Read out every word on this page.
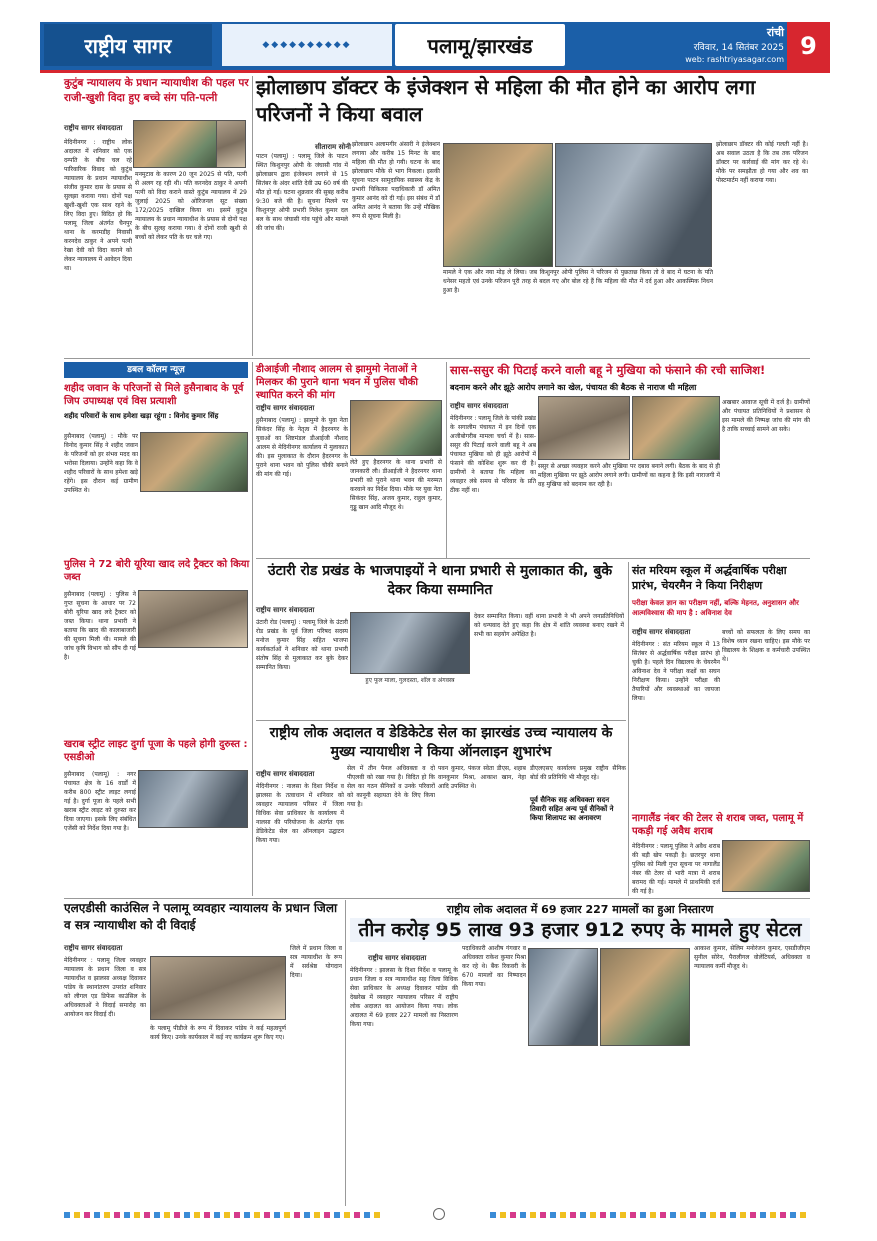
राष्ट्रीय सागर	◆◆◆◆◆◆◆◆◆◆	पलामू/झारखंड
रांची
रविवार, 14 सितंबर 2025
web: rashtriyasagar.com 9
कुटुंब न्यायालय के प्रधान न्यायाधीश की पहल पर राजी-खुशी विदा हुए बच्चे संग पति-पत्नी
राष्ट्रीय सागर संवाददाता
मेदिनीनगर : राष्ट्रीय लोक अदालत में शनिवार को एक दम्पति के बीच चल रहे पारिवारिक विवाद को कुटुंब न्यायालय के प्रधान न्यायाधीश संजीव कुमार दास के प्रयास से सुलझा कराया गया। दोनों पक्ष खुशी-खुशी एक साथ रहने के लिए विदा हुए। विदित हो कि पलामू जिला अंतर्गत चैनपुर थाना के करमडीह निवासी करनदेव ठाकुर ने अपने पत्नी रेखा देवी को विदा कराने को लेकर न्यायालय में आवेदन दिया था।
मनमुटाव के कारण 20 जून 2025 से पति, पत्नी से अलग रह रही थी। पति करनदेव ठाकुर ने अपनी पत्नी को विदा कराने वास्ते कुटुंब न्यायालय में 29 जुलाई 2025 को ओरिजनल सूट संख्या 172/2025 दाखिल किया था। इसमें कुटुंब न्यायालय के प्रधान न्यायाधीश के प्रयास से दोनों पक्ष के बीच सुलह कराया गया। वे दोनों राजी खुशी से बच्चों को लेकर पति के घर चले गए।
झोलाछाप डॉक्टर के इंजेक्शन से महिला की मौत होने का आरोप लगा परिजनों ने किया बवाल
सीताराम सोनी
पाटन (पलामू) : पलामू जिले के पाटन स्थित किशुनपुर ओपी के जंघासी गांव में झोलाछाप द्वारा इंजेक्शन लगाने से 15 सितंबर के अंदर शांति देवी उम्र 60 वर्ष की मौत हो गई। घटना शुक्रवार की सुबह करीब 9:30 बजे की है। सूचना मिलने पर किशुनपुर ओपी प्रभारी निलेश कुमार दल बल के साथ जंघासी गांव पहुंचे और मामले की जांच की।
झोलाछाप अलामगीर अंसारी ने इंजेक्शन लगाया और करीब 15 मिनट के बाद महिला की मौत हो गयी। घटना के बाद झोलाछाप मौके से भाग निकला। इसकी सूचना पाटन सामुदायिक स्वास्थ्य केंद्र के प्रभारी चिकित्सा पदाधिकारी डॉ अमित कुमार आनंद को दी गई। इस संबंध में डॉ अमित आनंद ने बताया कि उन्हें मौखिक रूप से सूचना मिली है।
मामले ने एक और नया मोड़ ले लिया। जब किशुनपुर ओपी पुलिस ने परिजन से पुछताछ किया तो वे बाद में घटना के पति धनेसर महतो एवं उनके परिजन पूरी तरह से बदल गए और बोल रहे हैं कि महिला की मौत में दर्द हुआ और आकस्मिक निधन हुआ है।
झोलाछाप डॉक्टर की कोई गलती नहीं है। अब सवाल उठता है कि तब तक परिजन डॉक्टर पर कार्रवाई की मांग कर रहे थे। मौके पर समझौता हो गया और शव का पोस्टमार्टम नहीं कराया गया।
डबल कॉलम न्यूज़
शहीद जवान के परिजनों से मिले हुसैनाबाद के पूर्व जिप उपाध्यक्ष एवं विस प्रत्याशी
शहीद परिवारों के साथ हमेशा खड़ा रहूंगा : विनोद कुमार सिंह
हुसैनाबाद (पलामू) : मौके पर विनोद कुमार सिंह ने शहीद जवान के परिजनों को हर संभव मदद का भरोसा दिलाया। उन्होंने कहा कि वे शहीद परिवारों के साथ हमेशा खड़े रहेंगे। इस दौरान कई ग्रामीण उपस्थित थे।
पुलिस ने 72 बोरी यूरिया खाद लदे ट्रैक्टर को किया जब्त
हुसैनाबाद (पलामू) : पुलिस ने गुप्त सूचना के आधार पर 72 बोरी यूरिया खाद लदे ट्रैक्टर को जब्त किया। थाना प्रभारी ने बताया कि खाद की कालाबाजारी की सूचना मिली थी। मामले की जांच कृषि विभाग को सौंप दी गई है।
खराब स्ट्रीट लाइट दुर्गा पूजा के पहले होगी दुरुस्त : एसडीओ
हुसैनाबाद (पलामू) : नगर पंचायत क्षेत्र के 16 वार्डों में करीब 800 स्ट्रीट लाइट लगाई गई है। दुर्गा पूजा के पहले सभी खराब स्ट्रीट लाइट को दुरुस्त कर दिया जाएगा। इसके लिए संबंधित एजेंसी को निर्देश दिया गया है।
डीआईजी नौशाद आलम से झामुमो नेताओं ने मिलकर की पुराने थाना भवन में पुलिस चौकी स्थापित करने की मांग
राष्ट्रीय सागर संवाददाता
हुसैनाबाद (पलामू) : झामुमो के युवा नेता सिकंदर सिंह के नेतृत्व में हैदरनगर के युवाओं का शिष्टमंडल डीआईजी नौशाद आलम से मेदिनीनगर कार्यालय में मुलाकात की। इस मुलाकात के दौरान हैदरनगर के पुराने थाना भवन को पुलिस चौकी बनाने की मांग की गई।
लेते हुए हैदरनगर के थाना प्रभारी से जानकारी ली। डीआईजी ने हैदरनगर थाना प्रभारी को पुराने थाना भवन की मरम्मत करवाने का निर्देश दिया। मौके पर युवा नेता सिकंदर सिंह, अजय कुमार, राहुल कुमार, गुड्डू खान आदि मौजूद थे।
सास-ससुर की पिटाई करने वाली बहू ने मुखिया को फंसाने की रची साजिश!
बदनाम करने और झूठे आरोप लगाने का खेल, पंचायत की बैठक से नाराज थी महिला
राष्ट्रीय सागर संवाददाता
मेदिनीनगर : पलामू जिले के पांकी प्रखंड के सगालीम पंचायत में इन दिनों एक अजीबोगरीब मामला चर्चा में है। सास-ससुर की पिटाई करने वाली बहू ने अब पंचायत मुखिया को ही झूठे आरोपों में फंसाने की कोशिश शुरू कर दी है। ग्रामीणों ने बताया कि महिला का व्यवहार लंबे समय से परिवार के प्रति ठीक नहीं था।
ससुर से अच्छा व्यवहार करने और मुखिया पर दबाव बनाने लगी। बैठक के बाद से ही महिला मुखिया पर झूठे आरोप लगाने लगी। ग्रामीणों का कहना है कि इसी नाराजगी में वह मुखिया को बदनाम कर रही है।
अखबार आवाज सूची में दर्ज है। ग्रामीणों और पंचायत प्रतिनिधियों ने प्रशासन से इस मामले की निष्पक्ष जांच की मांग की है ताकि सच्चाई सामने आ सके।
उंटारी रोड प्रखंड के भाजपाइयों ने थाना प्रभारी से मुलाकात की, बुके देकर किया सम्मानित
राष्ट्रीय सागर संवाददाता
उंटारी रोड (पलामू) : पलामू जिले के उंटारी रोड प्रखंड के पूर्व जिला परिषद सदस्य मनोज कुमार सिंह सहित भाजपा कार्यकर्ताओं ने शनिवार को थाना प्रभारी संतोष सिंह से मुलाकात कर बुके देकर सम्मानित किया।
हुए फूल माला, गुलदस्ता, शॉल व अंगवस्त्र
देकर सम्मानित किया। वहीं थाना प्रभारी ने भी अपने जनप्रतिनिधियों को धन्यवाद देते हुए कहा कि क्षेत्र में शांति व्यवस्था बनाए रखने में सभी का सहयोग अपेक्षित है।
संत मरियम स्कूल में अर्द्धवार्षिक परीक्षा प्रारंभ, चेयरमैन ने किया निरीक्षण
परीक्षा केवल ज्ञान का परीक्षण नहीं, बल्कि मेहनत, अनुशासन और आत्मविश्वास की माप है : अविनाश देव
राष्ट्रीय सागर संवाददाता
मेदिनीनगर : संत मरियम स्कूल में 13 सितंबर से अर्द्धवार्षिक परीक्षा प्रारंभ हो चुकी है। पहले दिन विद्यालय के चेयरमैन अविनाश देव ने परीक्षा कक्षों का सघन निरीक्षण किया। उन्होंने परीक्षा की तैयारियों और व्यवस्थाओं का जायजा लिया।
बच्चों को सफलता के लिए समय का विशेष ध्यान रखना चाहिए। इस मौके पर विद्यालय के शिक्षक व कर्मचारी उपस्थित थे।
राष्ट्रीय लोक अदालत व डेडिकेटेड सेल का झारखंड उच्च न्यायालय के मुख्य न्यायाधीश ने किया ऑनलाइन शुभारंभ
राष्ट्रीय सागर संवाददाता
मेदिनीनगर : नालसा के दिशा निर्देश व झालसा के तत्वाधान में शनिवार को व्यवहार न्यायालय परिसर में जिला विधिक सेवा प्राधिकार के कार्यालय में नालसा की परियोजना के अंतर्गत एक डेडिकेटेड सेल का ऑनलाइन उद्घाटन किया गया।
सेल में तीन पैनल अधिवक्ता व दो पीएलवी को रखा गया है। विदित हो कि सेल का गठन सैनिकों व उनके परिवारों को कानूनी सहायता देने के लिए किया गया है।
पवन कुमार, पंकज स्वेता डीएस, शहाब वानकुमार मिश्रा, आकाश खान, नेहा आदि उपस्थित थे।
डीएलएसए कार्यालय प्रमुख राष्ट्रीय सैनिक बोर्ड की प्रतिनिधि भी मौजूद रहे।
पूर्व सैनिक सह अधिवक्ता सदन तिवारी सहित अन्य पूर्व सैनिकों ने किया शिलापट का अनावरण	नागालैंड नंबर की टेलर से शराब जब्त, पलामू में पकड़ी गई अवैध शराब
मेदिनीनगर : पलामू पुलिस ने अवैध शराब की बड़ी खेप पकड़ी है। छतरपुर थाना पुलिस को मिली गुप्त सूचना पर नागालैंड नंबर की टेलर से भारी मात्रा में शराब बरामद की गई। मामले में प्राथमिकी दर्ज की गई है।
एलएडीसी काउंसिल ने पलामू व्यवहार न्यायालय के प्रधान जिला व सत्र न्यायाधीश को दी विदाई
राष्ट्रीय सागर संवाददाता
मेदिनीनगर : पलामू जिला व्यवहार न्यायालय के प्रधान जिला व सत्र न्यायाधीश व झालसा अध्यक्ष दिवाकर पांडेय के स्थानांतरण उपरांत शनिवार को लीगल एड डिफेंस काउंसिल के अधिवक्ताओं ने विदाई समारोह का आयोजन कर विदाई दी।
के पलामू पीडीजे के रूप में दिवाकर पांडेय ने कई महत्वपूर्ण कार्य किए। उनके कार्यकाल में कई नए कार्यक्रम शुरू किए गए।
जिले में प्रधान जिला व सत्र न्यायाधीश के रूप में सर्वश्रेष्ठ योगदान दिया।
राष्ट्रीय लोक अदालत में 69 हजार 227 मामलों का हुआ निस्तारण
तीन करोड़ 95 लाख 93 हजार 912 रुपए के मामले हुए सेटल
राष्ट्रीय सागर संवाददाता
मेदिनीनगर : झालसा के दिशा निर्देश व पलामू के प्रधान जिला व सत्र न्यायाधीश सह जिला विधिक सेवा प्राधिकार के अध्यक्ष दिवाकर पांडेय की देखरेख में व्यवहार न्यायालय परिसर में राष्ट्रीय लोक अदालत का आयोजन किया गया। लोक अदालत में 69 हजार 227 मामलों का निस्तारण किया गया।
पदाधिकारी आशीष गंगवार व अधिवक्ता राकेश कुमार मिश्रा कर रहे थे। बैंक रिकवरी के 670 मामलों का निष्पादन किया गया।
आकाश कुमार, सेलिम मनोरंजन कुमार, एसडीजीएम सुनील सोरेन, पैरालीगल वोलेंटियर्स, अधिवक्ता व न्यायालय कर्मी मौजूद थे।
